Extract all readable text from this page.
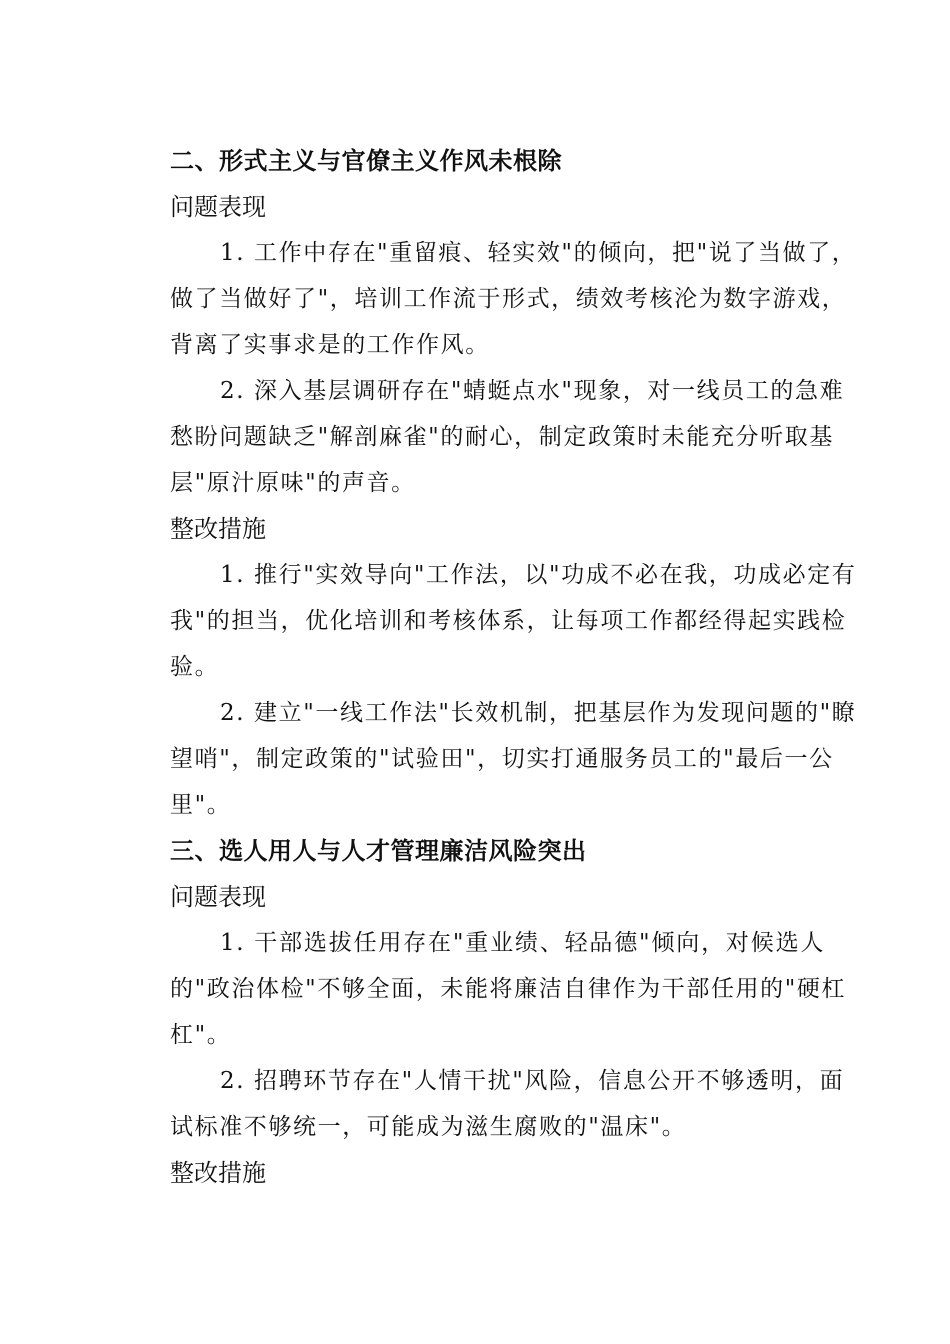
二、形式主义与官僚主义作风未根除
问题表现
1. 工作中存在"重留痕、轻实效"的倾向，把"说了当做了，
做了当做好了"，培训工作流于形式，绩效考核沦为数字游戏，
背离了实事求是的工作作风。
2. 深入基层调研存在"蜻蜓点水"现象，对一线员工的急难
愁盼问题缺乏"解剖麻雀"的耐心，制定政策时未能充分听取基
层"原汁原味"的声音。
整改措施
1. 推行"实效导向"工作法，以"功成不必在我，功成必定有
我"的担当，优化培训和考核体系，让每项工作都经得起实践检
验。
2. 建立"一线工作法"长效机制，把基层作为发现问题的"瞭
望哨"，制定政策的"试验田"，切实打通服务员工的"最后一公
里"。
三、选人用人与人才管理廉洁风险突出
问题表现
1. 干部选拔任用存在"重业绩、轻品德"倾向，对候选人
的"政治体检"不够全面，未能将廉洁自律作为干部任用的"硬杠
杠"。
2. 招聘环节存在"人情干扰"风险，信息公开不够透明，面
试标准不够统一，可能成为滋生腐败的"温床"。
整改措施
